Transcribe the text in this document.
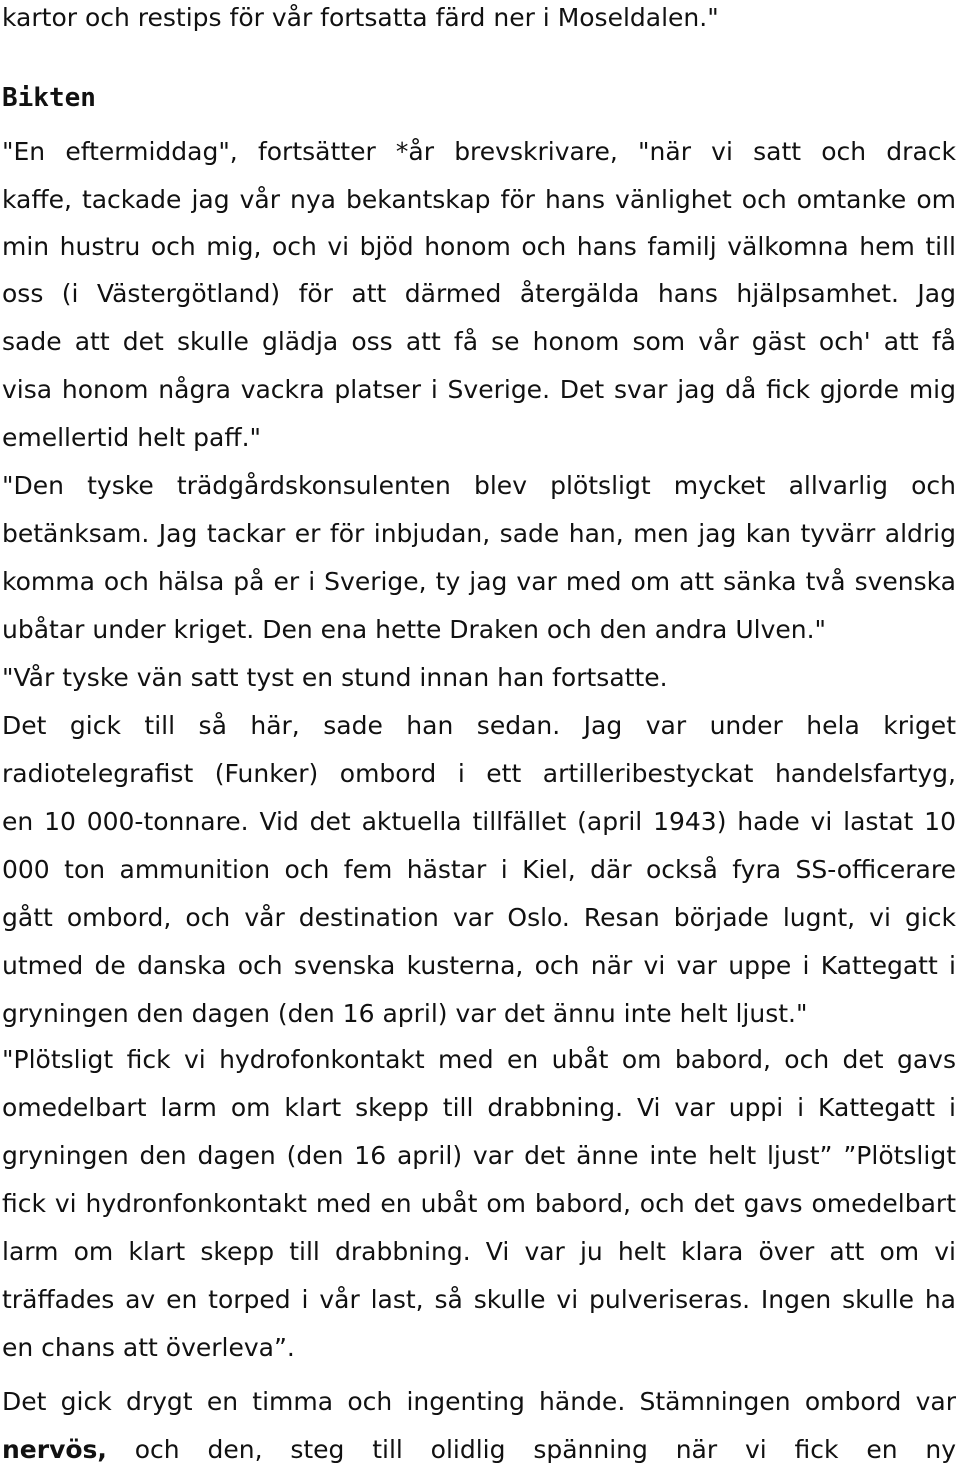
kartor och restips för vår fortsatta färd ner i Moseldalen."
Bikten
"En eftermiddag", fortsätter *år brevskrivare, "när vi satt och drack
kaffe, tackade jag vår nya bekantskap för hans vänlighet och omtanke om
min hustru och mig, och vi bjöd honom och hans familj välkomna hem till
oss (i Västergötland) för att därmed återgälda hans hjälpsamhet. Jag
sade att det skulle glädja oss att få se honom som vår gäst och' att få
visa honom några vackra platser i Sverige. Det svar jag då fick gjorde mig
emellertid helt paff."
"Den tyske trädgårdskonsulenten blev plötsligt mycket allvarlig och
betänksam. Jag tackar er för inbjudan, sade han, men jag kan tyvärr aldrig
komma och hälsa på er i Sverige, ty jag var med om att sänka två svenska
ubåtar under kriget. Den ena hette Draken och den andra Ulven."
"Vår tyske vän satt tyst en stund innan han fortsatte.
Det gick till så här, sade han sedan. Jag var under hela kriget
radiotelegrafist (Funker) ombord i ett artilleribestyckat handelsfartyg,
en 10 000-tonnare. Vid det aktuella tillfället (april 1943) hade vi lastat 10
000 ton ammunition och fem hästar i Kiel, där också fyra SS-officerare
gått ombord, och vår destination var Oslo. Resan började lugnt, vi gick
utmed de danska och svenska kusterna, och när vi var uppe i Kattegatt i
gryningen den dagen (den 16 april) var det ännu inte helt ljust."
"Plötsligt fick vi hydrofonkontakt med en ubåt om babord, och det gavs
omedelbart larm om klart skepp till drabbning. Vi var uppi i Kattegatt i
gryningen den dagen (den 16 april) var det änne inte helt ljust” ”Plötsligt
fick vi hydronfonkontakt med en ubåt om babord, och det gavs omedelbart
larm om klart skepp till drabbning. Vi var ju helt klara över att om vi
träffades av en torped i vår last, så skulle vi pulveriseras. Ingen skulle ha
en chans att överleva”.
Det gick drygt en timma och ingenting hände. Stämningen ombord var
nervös, och den, steg till olidlig spänning när vi fick en ny
